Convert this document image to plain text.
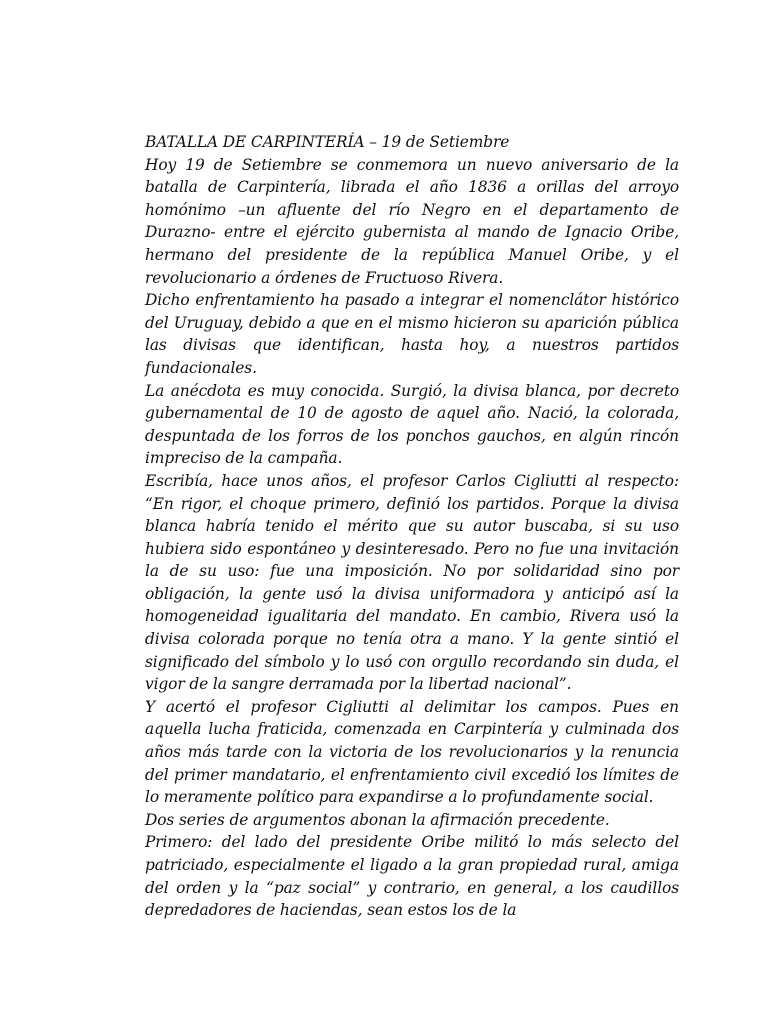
BATALLA DE CARPINTERÍA – 19 de Setiembre

Hoy 19 de Setiembre se conmemora un nuevo aniversario de la batalla de Carpintería, librada el año 1836 a orillas del arroyo homónimo –un afluente del río Negro en el departamento de Durazno- entre el ejército gubernista al mando de Ignacio Oribe, hermano del presidente de la república Manuel Oribe, y el revolucionario a órdenes de Fructuoso Rivera.

Dicho enfrentamiento ha pasado a integrar el nomenclátor histórico del Uruguay, debido a que en el mismo hicieron su aparición pública las divisas que identifican, hasta hoy, a nuestros partidos fundacionales.

La anécdota es muy conocida. Surgió, la divisa blanca, por decreto gubernamental de 10 de agosto de aquel año. Nació, la colorada, despuntada de los forros de los ponchos gauchos, en algún rincón impreciso de la campaña.

Escribía, hace unos años, el profesor Carlos Cigliutti al respecto: “En rigor, el choque primero, definió los partidos. Porque la divisa blanca habría tenido el mérito que su autor buscaba, si su uso hubiera sido espontáneo y desinteresado. Pero no fue una invitación la de su uso: fue una imposición. No por solidaridad sino por obligación, la gente usó la divisa uniformadora y anticipó así la homogeneidad igualitaria del mandato. En cambio, Rivera usó la divisa colorada porque no tenía otra a mano. Y la gente sintió el significado del símbolo y lo usó con orgullo recordando sin duda, el vigor de la sangre derramada por la libertad nacional”.

Y acertó el profesor Cigliutti al delimitar los campos. Pues en aquella lucha fraticida, comenzada en Carpintería y culminada dos años más tarde con la victoria de los revolucionarios y la renuncia del primer mandatario, el enfrentamiento civil excedió los límites de lo meramente político para expandirse a lo profundamente social.

Dos series de argumentos abonan la afirmación precedente.

Primero: del lado del presidente Oribe militó lo más selecto del patriciado, especialmente el ligado a la gran propiedad rural, amiga del orden y la “paz social” y contrario, en general, a los caudillos depredadores de haciendas, sean estos los de la
